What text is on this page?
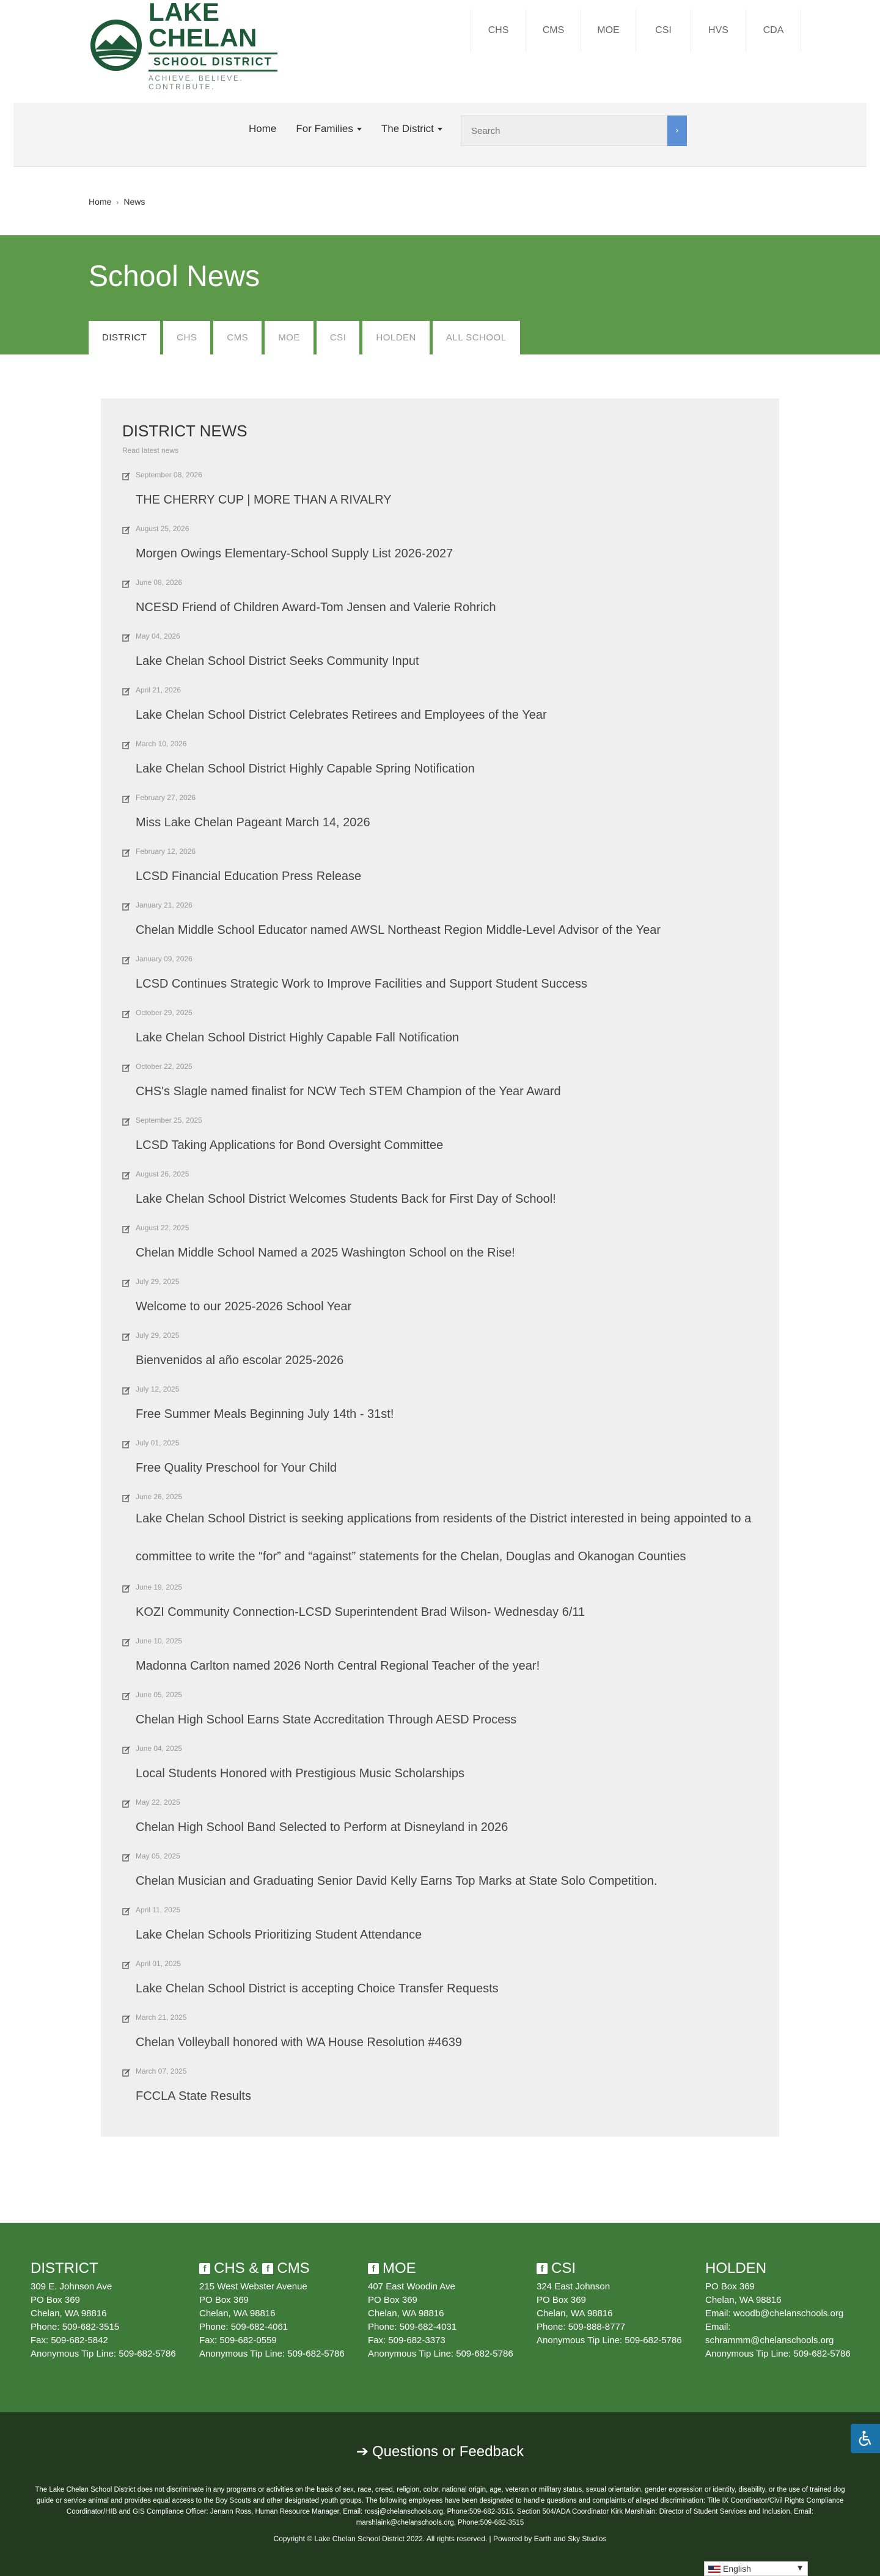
LAKE CHELAN
SCHOOL DISTRICT
ACHIEVE. BELIEVE. CONTRIBUTE.
CHS	CMS	MOE	CSI	HVS	CDA
Home For Families	The District
Search	›
Home › News
School News
DISTRICT	CHS	CMS	MOE	CSI	HOLDEN	ALL SCHOOL
DISTRICT NEWS
Read latest news
September 08, 2026
THE CHERRY CUP | MORE THAN A RIVALRY
August 25, 2026
Morgen Owings Elementary-School Supply List 2026-2027
June 08, 2026
NCESD Friend of Children Award-Tom Jensen and Valerie Rohrich
May 04, 2026
Lake Chelan School District Seeks Community Input
April 21, 2026
Lake Chelan School District Celebrates Retirees and Employees of the Year
March 10, 2026
Lake Chelan School District Highly Capable Spring Notification
February 27, 2026
Miss Lake Chelan Pageant March 14, 2026
February 12, 2026
LCSD Financial Education Press Release
January 21, 2026
Chelan Middle School Educator named AWSL Northeast Region Middle-Level Advisor of the Year
January 09, 2026
LCSD Continues Strategic Work to Improve Facilities and Support Student Success
October 29, 2025
Lake Chelan School District Highly Capable Fall Notification
October 22, 2025
CHS's Slagle named finalist for NCW Tech STEM Champion of the Year Award
September 25, 2025
LCSD Taking Applications for Bond Oversight Committee
August 26, 2025
Lake Chelan School District Welcomes Students Back for First Day of School!
August 22, 2025
Chelan Middle School Named a 2025 Washington School on the Rise!
July 29, 2025
Welcome to our 2025-2026 School Year
July 29, 2025
Bienvenidos al año escolar 2025-2026
July 12, 2025
Free Summer Meals Beginning July 14th - 31st!
July 01, 2025
Free Quality Preschool for Your Child
June 26, 2025
Lake Chelan School District is seeking applications from residents of the District interested in being appointed to a committee to write the “for” and “against” statements for the Chelan, Douglas and Okanogan Counties
June 19, 2025
KOZI Community Connection-LCSD Superintendent Brad Wilson- Wednesday 6/11
June 10, 2025
Madonna Carlton named 2026 North Central Regional Teacher of the year!
June 05, 2025
Chelan High School Earns State Accreditation Through AESD Process
June 04, 2025
Local Students Honored with Prestigious Music Scholarships
May 22, 2025
Chelan High School Band Selected to Perform at Disneyland in 2026
May 05, 2025
Chelan Musician and Graduating Senior David Kelly Earns Top Marks at State Solo Competition.
April 11, 2025
Lake Chelan Schools Prioritizing Student Attendance
April 01, 2025
Lake Chelan School District is accepting Choice Transfer Requests
March 21, 2025
Chelan Volleyball honored with WA House Resolution #4639
March 07, 2025
FCCLA State Results
DISTRICT
309 E. Johnson Ave
PO Box 369
Chelan, WA 98816
Phone: 509-682-3515
Fax: 509-682-5842
Anonymous Tip Line: 509-682-5786
f CHS & f CMS
215 West Webster Avenue
PO Box 369
Chelan, WA 98816
Phone: 509-682-4061
Fax: 509-682-0559
Anonymous Tip Line: 509-682-5786
f MOE
407 East Woodin Ave
PO Box 369
Chelan, WA 98816
Phone: 509-682-4031
Fax: 509-682-3373
Anonymous Tip Line: 509-682-5786
f CSI
324 East Johnson
PO Box 369
Chelan, WA 98816
Phone: 509-888-8777
Anonymous Tip Line: 509-682-5786
HOLDEN
PO Box 369
Chelan, WA 98816
Email: woodb@chelanschools.org
Email: schrammm@chelanschools.org
Anonymous Tip Line: 509-682-5786
➔ Questions or Feedback

The Lake Chelan School District does not discriminate in any programs or activities on the basis of sex, race, creed, religion, color, national origin, age, veteran or military status, sexual orientation, gender expression or identity, disability, or the use of trained dog guide or service animal and provides equal access to the Boy Scouts and other designated youth groups. The following employees have been designated to handle questions and complaints of alleged discrimination: Title IX Coordinator/Civil Rights Compliance Coordinator/HIB and GIS Compliance Officer: Jenann Ross, Human Resource Manager, Email: rossj@chelanschools.org, Phone:509-682-3515. Section 504/ADA Coordinator Kirk Marshlain: Director of Student Services and Inclusion, Email: marshlaink@chelanschools.org, Phone:509-682-3515

Copyright © Lake Chelan School District 2022. All rights reserved. | Powered by Earth and Sky Studios

English	▼
